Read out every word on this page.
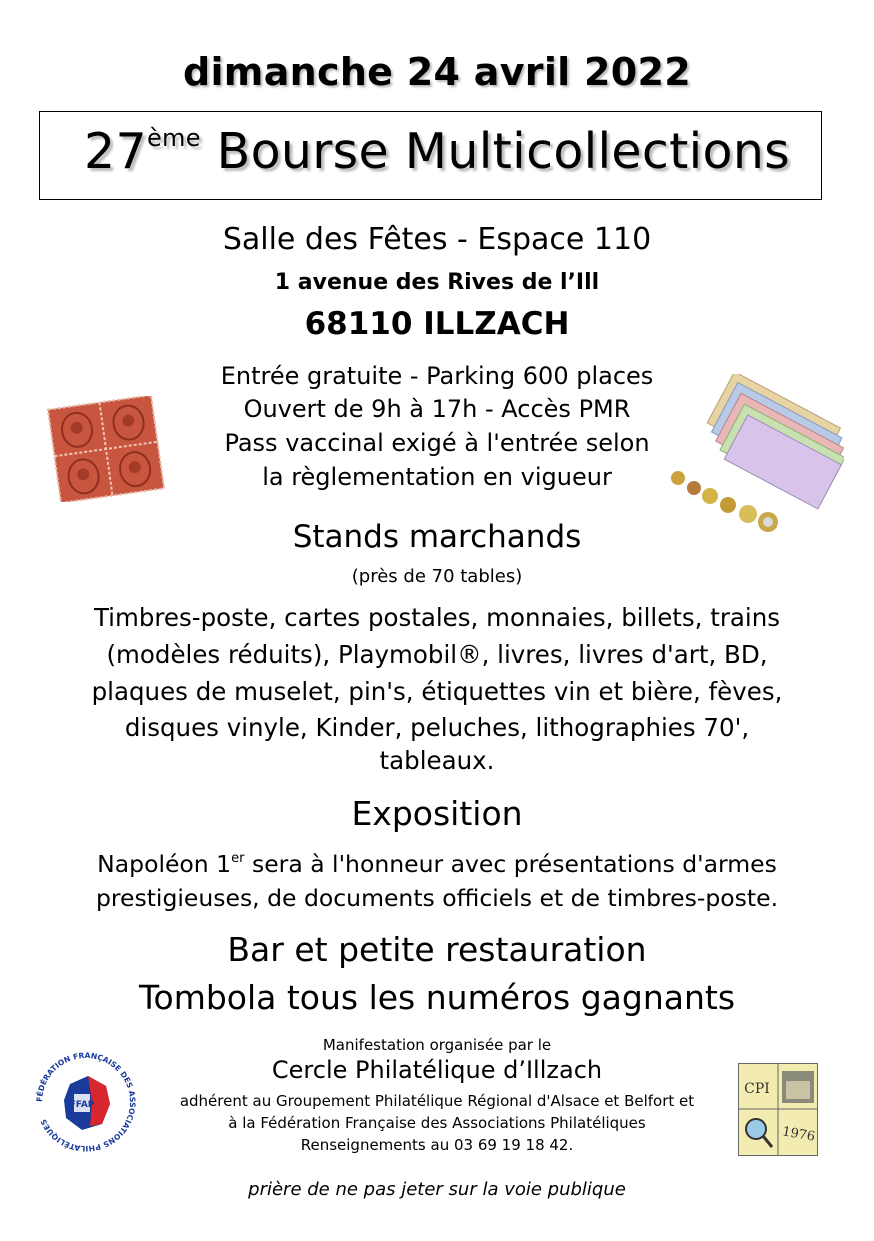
dimanche 24 avril 2022
27ème Bourse Multicollections
Salle des Fêtes - Espace 110
1 avenue des Rives de l’Ill
68110 ILLZACH
Entrée gratuite - Parking 600 places
Ouvert de 9h à 17h - Accès PMR
Pass vaccinal exigé à l'entrée selon
la règlementation en vigueur
Stands marchands
(près de 70 tables)
Timbres-poste, cartes postales, monnaies, billets, trains
(modèles réduits), Playmobil®, livres, livres d'art, BD,
plaques de muselet, pin's, étiquettes vin et bière, fèves,
disques vinyle, Kinder, peluches, lithographies 70',
tableaux.
Exposition
Napoléon 1er sera à l'honneur avec présentations d'armes
prestigieuses, de documents officiels et de timbres-poste.
Bar et petite restauration
Tombola tous les numéros gagnants
Manifestation organisée par le
Cercle Philatélique d’Illzach
adhérent au Groupement Philatélique Régional d'Alsace et Belfort et
à la Fédération Française des Associations Philatéliques
Renseignements au 03 69 19 18 42.
FÉDÉRATION FRANÇAISE DES ASSOCIATIONS PHILATÉLIQUES
FFAP
CPI
1976
prière de ne pas jeter sur la voie publique
